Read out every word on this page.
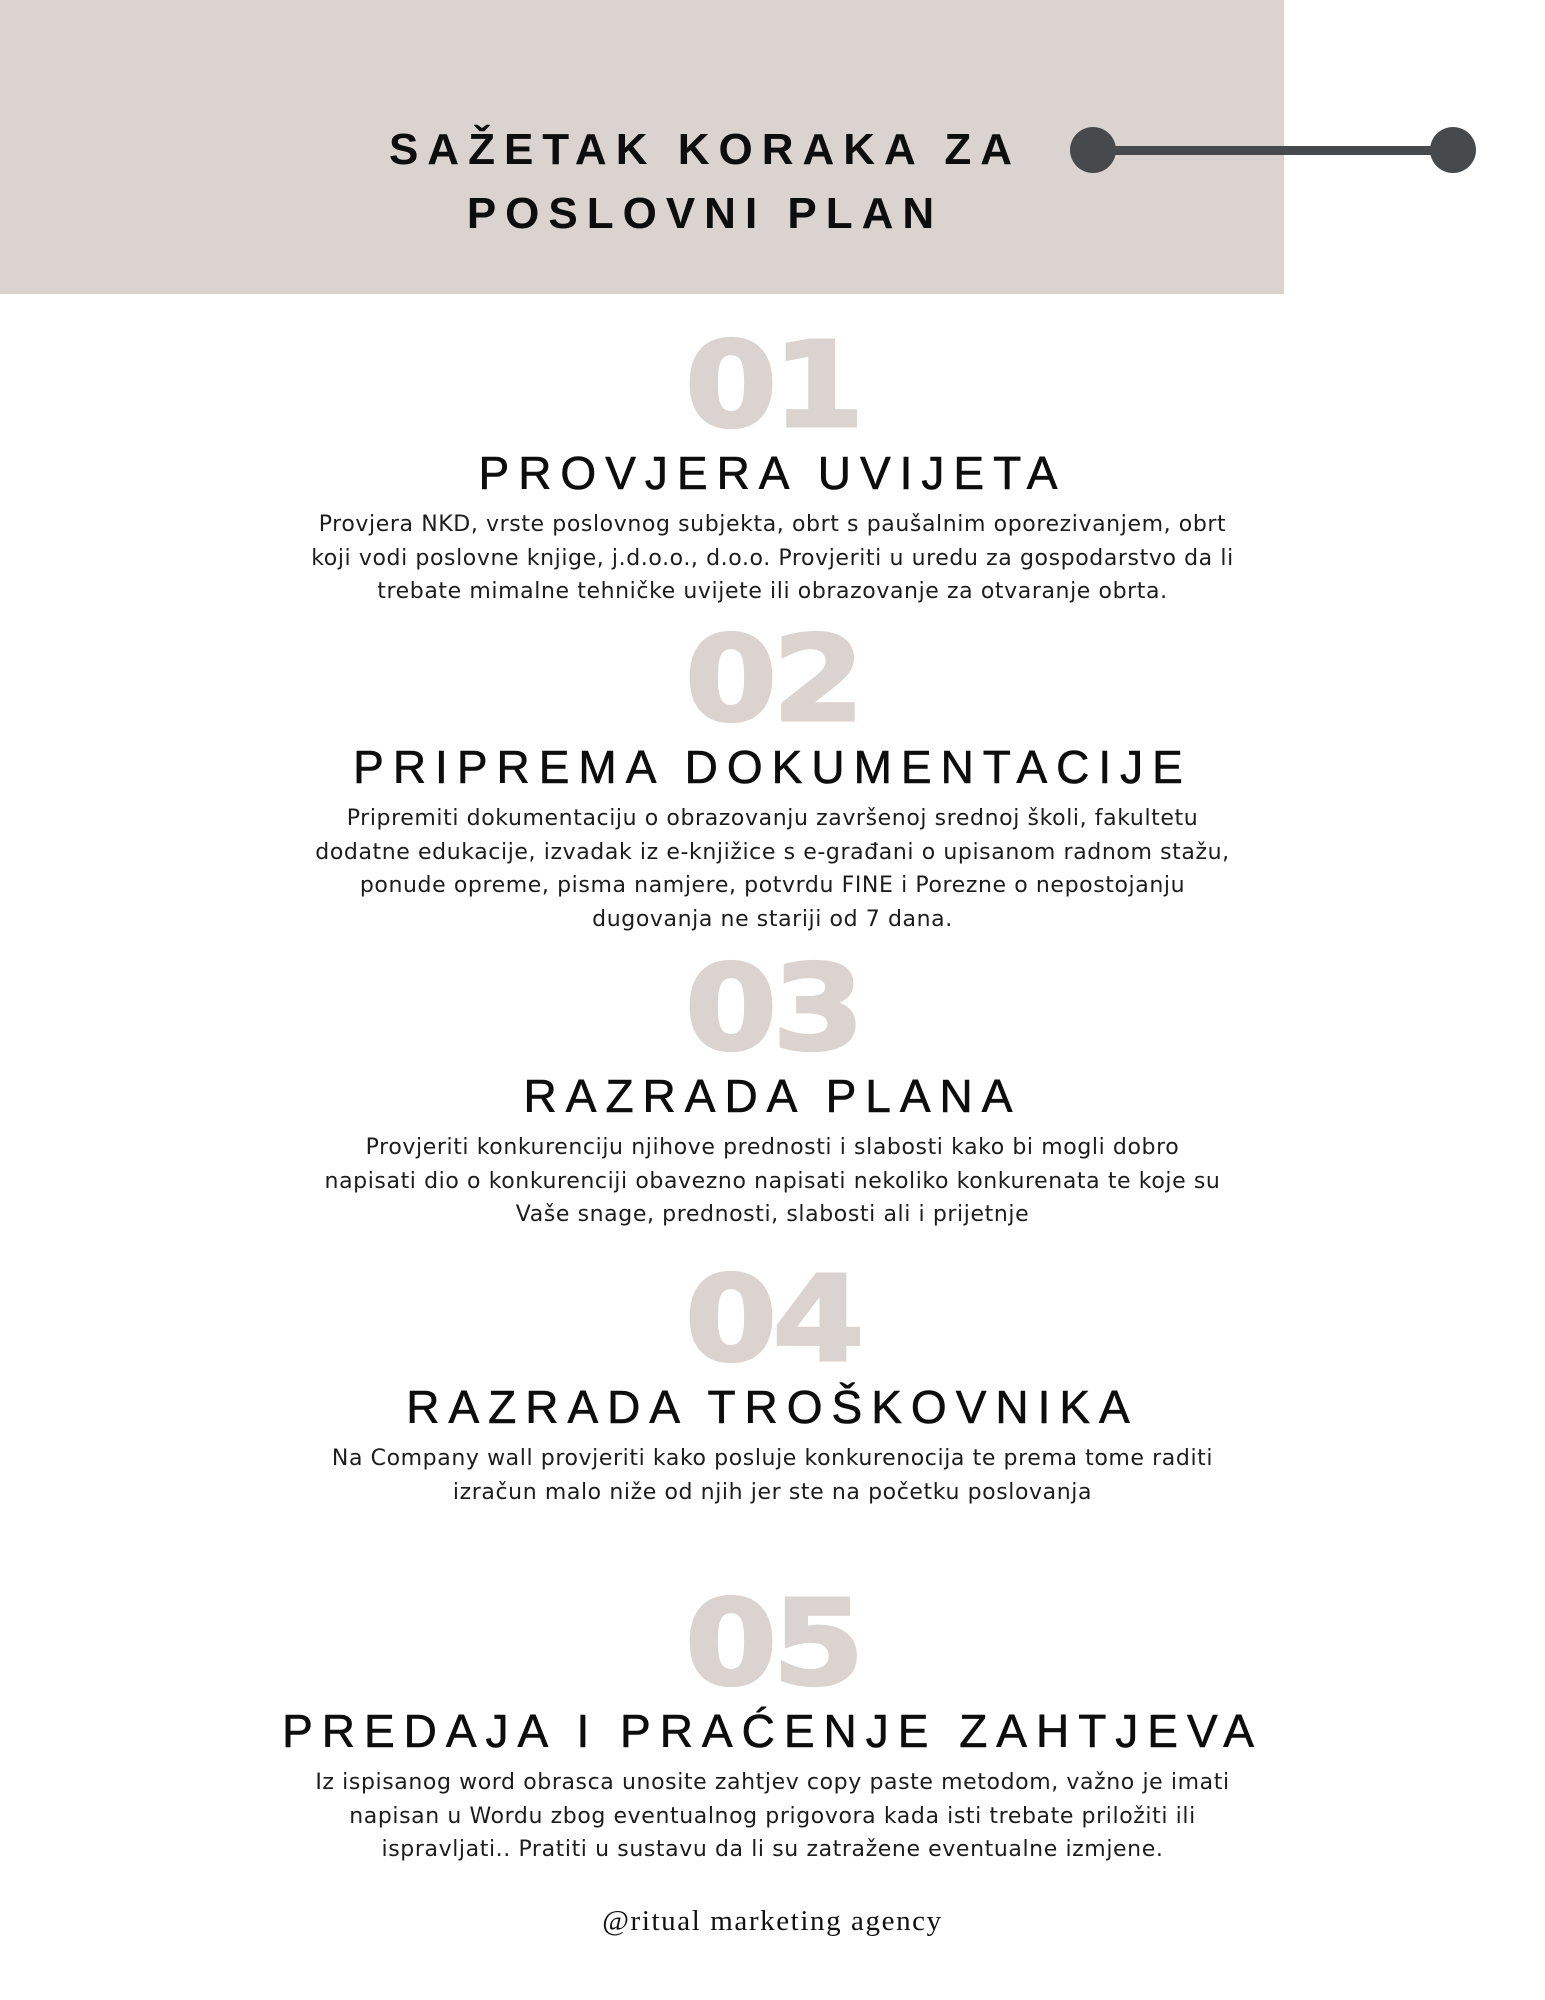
SAŽETAK KORAKA ZA
POSLOVNI PLAN
01
PROVJERA UVIJETA

Provjera NKD, vrste poslovnog subjekta, obrt s paušalnim oporezivanjem, obrt
koji vodi poslovne knjige, j.d.o.o., d.o.o. Provjeriti u uredu za gospodarstvo da li
trebate mimalne tehničke uvijete ili obrazovanje za otvaranje obrta.

02
PRIPREMA DOKUMENTACIJE

Pripremiti dokumentaciju o obrazovanju završenoj srednoj školi, fakultetu
dodatne edukacije, izvadak iz e-knjižice s e-građani o upisanom radnom stažu,
ponude opreme, pisma namjere, potvrdu FINE i Porezne o nepostojanju
dugovanja ne stariji od 7 dana.

03
RAZRADA PLANA

Provjeriti konkurenciju njihove prednosti i slabosti kako bi mogli dobro
napisati dio o konkurenciji obavezno napisati nekoliko konkurenata te koje su
Vaše snage, prednosti, slabosti ali i prijetnje

04
RAZRADA TROŠKOVNIKA

Na Company wall provjeriti kako posluje konkurenocija te prema tome raditi
izračun malo niže od njih jer ste na početku poslovanja

05
PREDAJA I PRAĆENJE ZAHTJEVA

Iz ispisanog word obrasca unosite zahtjev copy paste metodom, važno je imati
napisan u Wordu zbog eventualnog prigovora kada isti trebate priložiti ili
ispravljati.. Pratiti u sustavu da li su zatražene eventualne izmjene.

@ritual marketing agency
